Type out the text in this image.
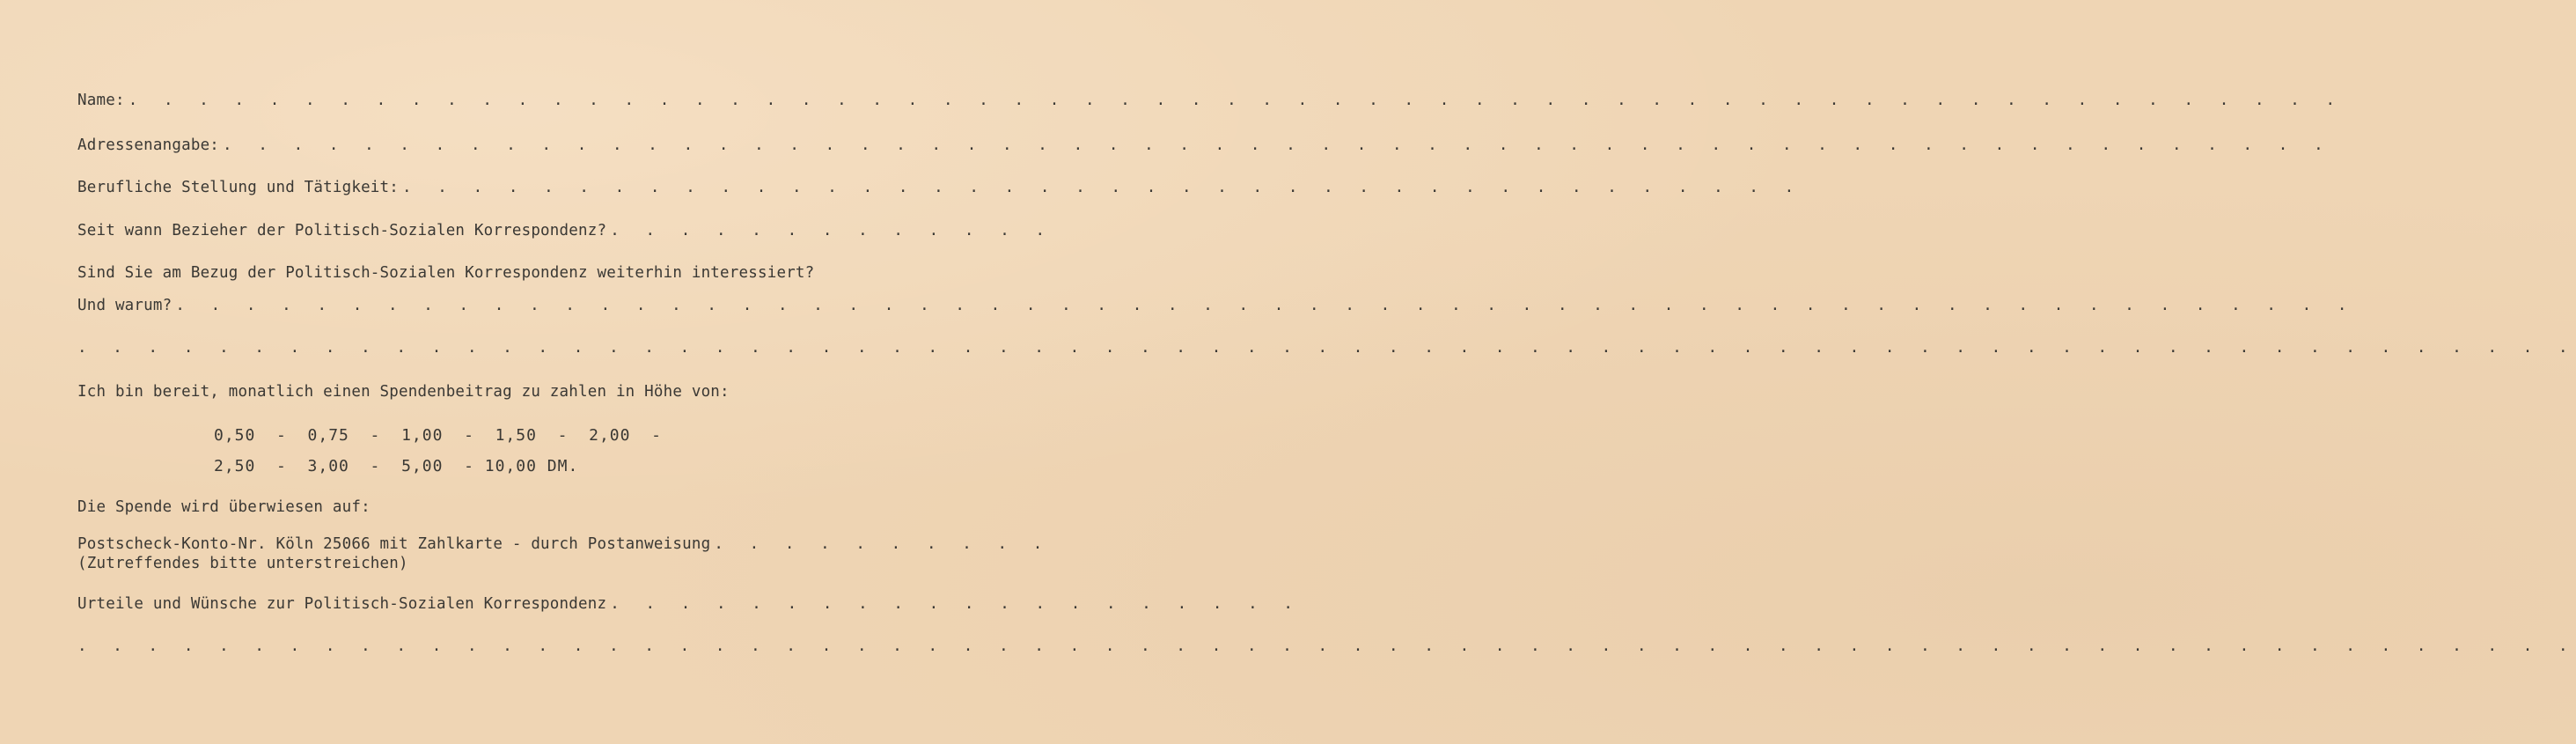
Name: . . . . . . . . . . . . . . . . . . . . . . . . . . . . . . . . . . . . . . . . . . . . . . . . . . . . . . . . . . . . . . .
Adressenangabe: . . . . . . . . . . . . . . . . . . . . . . . . . . . . . . . . . . . . . . . . . . . . . . . . . . . . . . . . . . . .
Berufliche Stellung und Tätigkeit: . . . . . . . . . . . . . . . . . . . . . . . . . . . . . . . . . . . . . . . .
Seit wann Bezieher der Politisch-Sozialen Korrespondenz? . . . . . . . . . . . . .
Sind Sie am Bezug der Politisch-Sozialen Korrespondenz weiterhin interessiert?
Und warum? . . . . . . . . . . . . . . . . . . . . . . . . . . . . . . . . . . . . . . . . . . . . . . . . . . . . . . . . . . . . . .
. . . . . . . . . . . . . . . . . . . . . . . . . . . . . . . . . . . . . . . . . . . . . . . . . . . . . . . . . . . . . . . . . . . . . . .
Ich bin bereit, monatlich einen Spendenbeitrag zu zahlen in Höhe von:
0,50  -  0,75  -  1,00  -  1,50  -  2,00  -
2,50  -  3,00  -  5,00  - 10,00 DM.
Die Spende wird überwiesen auf:
Postscheck-Konto-Nr. Köln 25066 mit Zahlkarte - durch Postanweisung . . . . . . . . . .
(Zutreffendes bitte unterstreichen)
Urteile und Wünsche zur Politisch-Sozialen Korrespondenz . . . . . . . . . . . . . . . . . . . .
. . . . . . . . . . . . . . . . . . . . . . . . . . . . . . . . . . . . . . . . . . . . . . . . . . . . . . . . . . . . . . . . . . . . . . .
